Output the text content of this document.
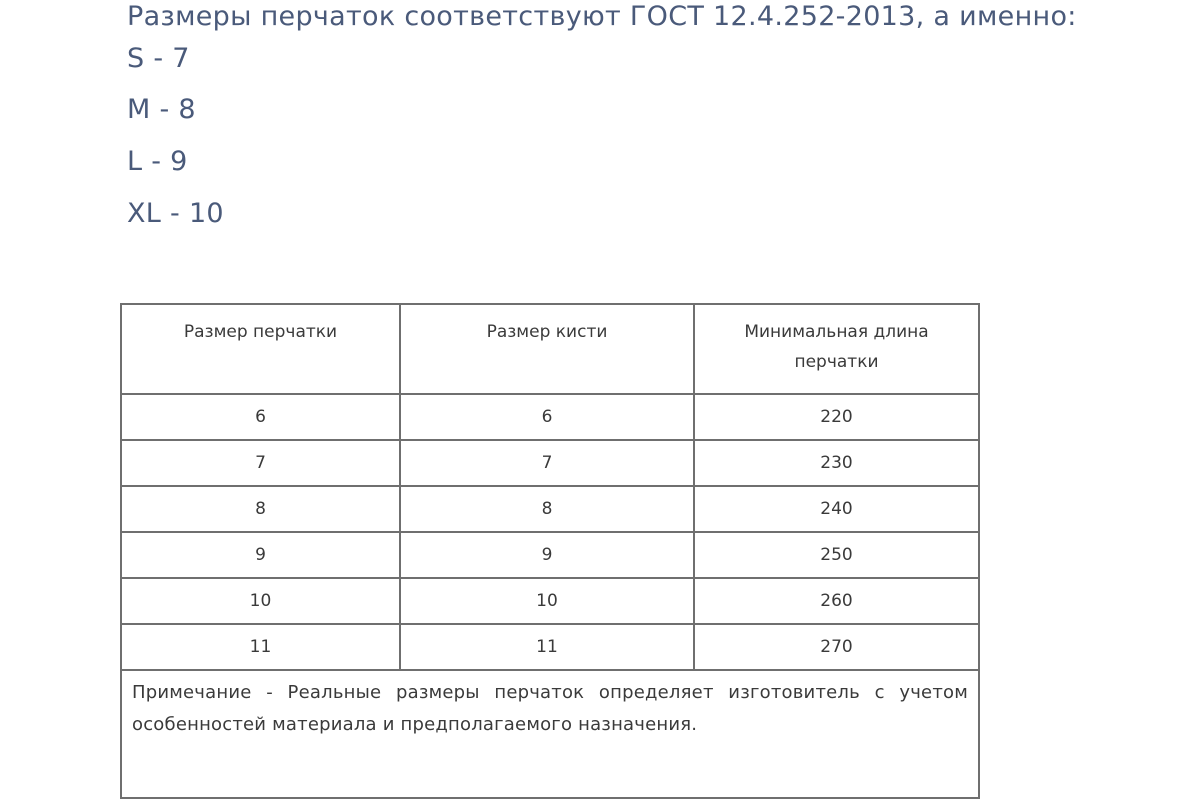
Размеры перчаток соответствуют ГОСТ 12.4.252-2013, а именно:
S - 7
M - 8
L - 9
XL - 10
Размер перчатки	Размер кисти	Минимальная длина перчатки
6	6	220
7	7	230
8	8	240
9	9	250
10	10	260
11	11	270
Примечание - Реальные размеры перчаток определяет изготовитель с учетом особенностей материала и предполагаемого назначения.		
